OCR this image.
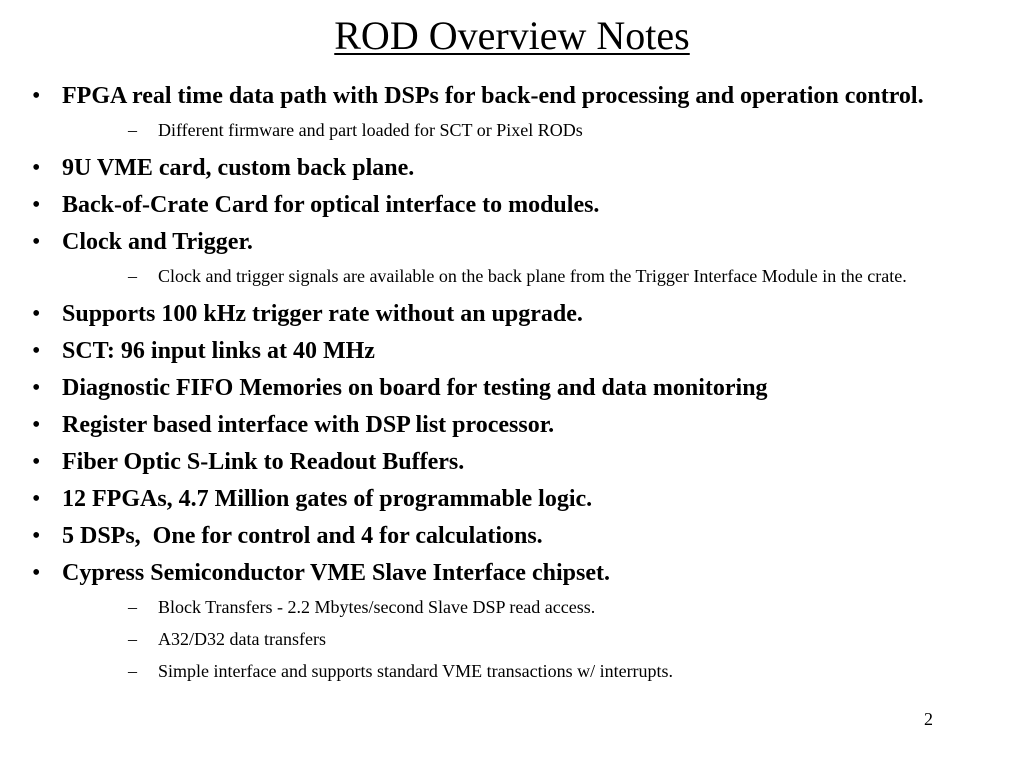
ROD Overview Notes
• FPGA real time data path with DSPs for back-end processing and operation control.
– Different firmware and part loaded for SCT or Pixel RODs
• 9U VME card, custom back plane.
• Back-of-Crate Card for optical interface to modules.
• Clock and Trigger.
– Clock and trigger signals are available on the back plane from the Trigger Interface Module in the crate.
• Supports 100 kHz trigger rate without an upgrade.
• SCT: 96 input links at 40 MHz
• Diagnostic FIFO Memories on board for testing and data monitoring
• Register based interface with DSP list processor.
• Fiber Optic S-Link to Readout Buffers.
• 12 FPGAs, 4.7 Million gates of programmable logic.
• 5 DSPs,  One for control and 4 for calculations.
• Cypress Semiconductor VME Slave Interface chipset.
– Block Transfers - 2.2 Mbytes/second Slave DSP read access.
– A32/D32 data transfers
– Simple interface and supports standard VME transactions w/ interrupts.
2
